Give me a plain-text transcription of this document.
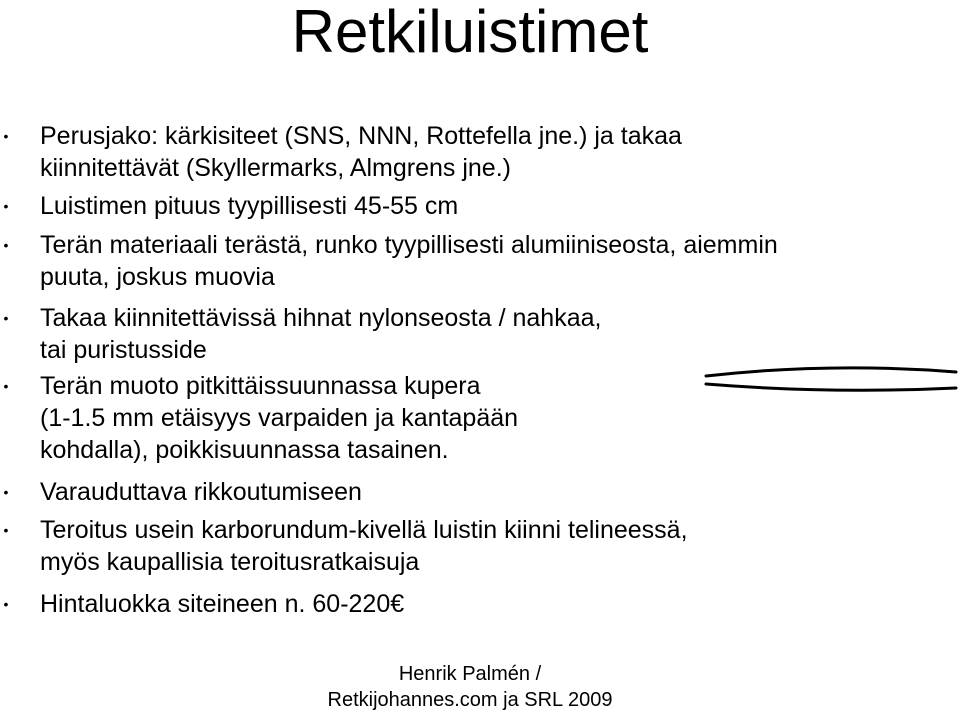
Retkiluistimet
• Perusjako: kärkisiteet (SNS, NNN, Rottefella jne.) ja takaa
kiinnitettävät (Skyllermarks, Almgrens jne.)
• Luistimen pituus tyypillisesti 45-55 cm
• Terän materiaali terästä, runko tyypillisesti alumiiniseosta, aiemmin
puuta, joskus muovia
• Takaa kiinnitettävissä hihnat nylonseosta / nahkaa,
tai puristusside
• Terän muoto pitkittäissuunnassa kupera
(1-1.5 mm etäisyys varpaiden ja kantapään
kohdalla), poikkisuunnassa tasainen.
• Varauduttava rikkoutumiseen
• Teroitus usein karborundum-kivellä luistin kiinni telineessä,
myös kaupallisia teroitusratkaisuja
• Hintaluokka siteineen n. 60-220€
Henrik Palmén /
Retkijohannes.com ja SRL 2009
